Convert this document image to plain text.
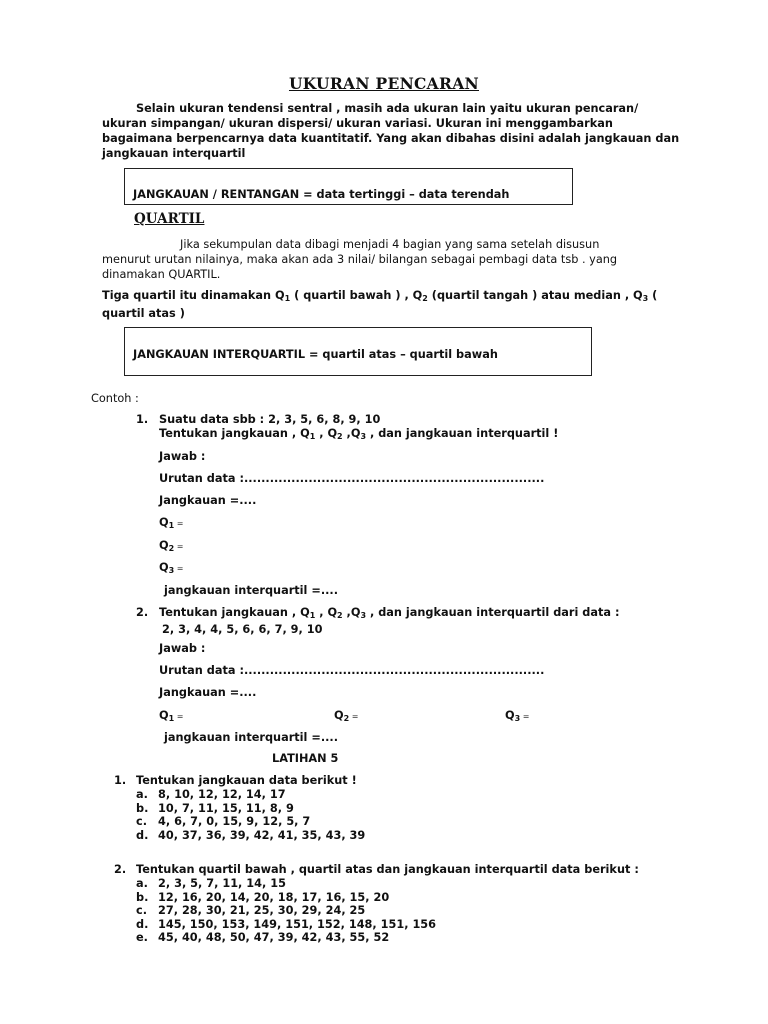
UKURAN PENCARAN
Selain ukuran tendensi sentral , masih ada ukuran lain yaitu ukuran pencaran/
ukuran simpangan/ ukuran dispersi/ ukuran variasi. Ukuran ini menggambarkan
bagaimana berpencarnya data kuantitatif. Yang akan dibahas disini adalah jangkauan dan
jangkauan interquartil
JANGKAUAN / RENTANGAN = data tertinggi – data terendah
QUARTIL
Jika sekumpulan data dibagi menjadi 4 bagian yang sama setelah disusun
menurut urutan nilainya, maka akan ada 3 nilai/ bilangan sebagai pembagi data tsb . yang
dinamakan QUARTIL.
Tiga quartil itu dinamakan $Q_1$ ( quartil bawah ) , $Q_2$ (quartil tangah ) atau median , $Q_3$ (
quartil atas )
JANGKAUAN INTERQUARTIL = quartil atas – quartil bawah
Contoh :
1. Suatu data sbb : 2, 3, 5, 6, 8, 9, 10
Tentukan jangkauan , $Q_1$ , $Q_2$ $,Q_3$ , dan jangkauan interquartil !
Jawab :
Urutan data :......................................................................
Jangkauan =....
$Q_1$ =
$Q_2$ =
$Q_3$ =
jangkauan interquartil =....
2. Tentukan jangkauan , $Q_1$ , $Q_2$ $,Q_3$ , dan jangkauan interquartil dari data :
2, 3, 4, 4, 5, 6, 6, 7, 9, 10
Jawab :
Urutan data :......................................................................
Jangkauan =....
$Q_1$ =	$Q_2$ =	$Q_3$ =
jangkauan interquartil =....
LATIHAN 5
1. Tentukan jangkauan data berikut !
a. 8, 10, 12, 12, 14, 17
b. 10, 7, 11, 15, 11, 8, 9
c. 4, 6, 7, 0, 15, 9, 12, 5, 7
d. 40, 37, 36, 39, 42, 41, 35, 43, 39
2. Tentukan quartil bawah , quartil atas dan jangkauan interquartil data berikut :
a. 2, 3, 5, 7, 11, 14, 15
b. 12, 16, 20, 14, 20, 18, 17, 16, 15, 20
c. 27, 28, 30, 21, 25, 30, 29, 24, 25
d. 145, 150, 153, 149, 151, 152, 148, 151, 156
e. 45, 40, 48, 50, 47, 39, 42, 43, 55, 52
